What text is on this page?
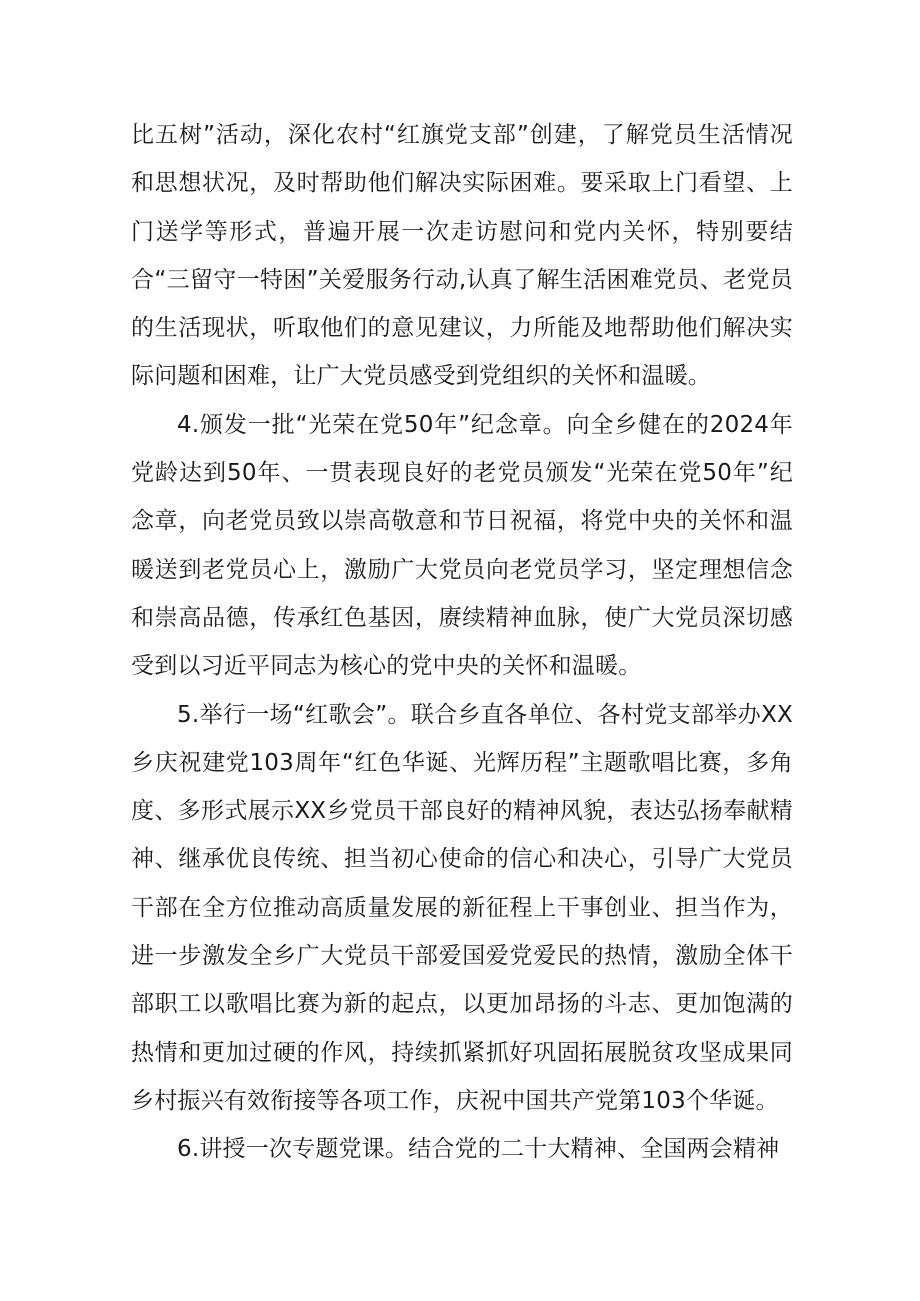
比五树”活动，深化农村“红旗党支部”创建，了解党员生活情况和思想状况，及时帮助他们解决实际困难。要采取上门看望、上门送学等形式，普遍开展一次走访慰问和党内关怀，特别要结合“三留守一特困”关爱服务行动,认真了解生活困难党员、老党员的生活现状，听取他们的意见建议，力所能及地帮助他们解决实际问题和困难，让广大党员感受到党组织的关怀和温暖。

4.颁发一批“光荣在党50年”纪念章。向全乡健在的2024年党龄达到50年、一贯表现良好的老党员颁发“光荣在党50年”纪念章，向老党员致以崇高敬意和节日祝福，将党中央的关怀和温暖送到老党员心上，激励广大党员向老党员学习，坚定理想信念和崇高品德，传承红色基因，赓续精神血脉，使广大党员深切感受到以习近平同志为核心的党中央的关怀和温暖。

5.举行一场“红歌会”。联合乡直各单位、各村党支部举办XX乡庆祝建党103周年“红色华诞、光辉历程”主题歌唱比赛，多角度、多形式展示XX乡党员干部良好的精神风貌，表达弘扬奉献精神、继承优良传统、担当初心使命的信心和决心，引导广大党员干部在全方位推动高质量发展的新征程上干事创业、担当作为，进一步激发全乡广大党员干部爱国爱党爱民的热情，激励全体干部职工以歌唱比赛为新的起点，以更加昂扬的斗志、更加饱满的热情和更加过硬的作风，持续抓紧抓好巩固拓展脱贫攻坚成果同乡村振兴有效衔接等各项工作，庆祝中国共产党第103个华诞。

6.讲授一次专题党课。结合党的二十大精神、全国两会精神
